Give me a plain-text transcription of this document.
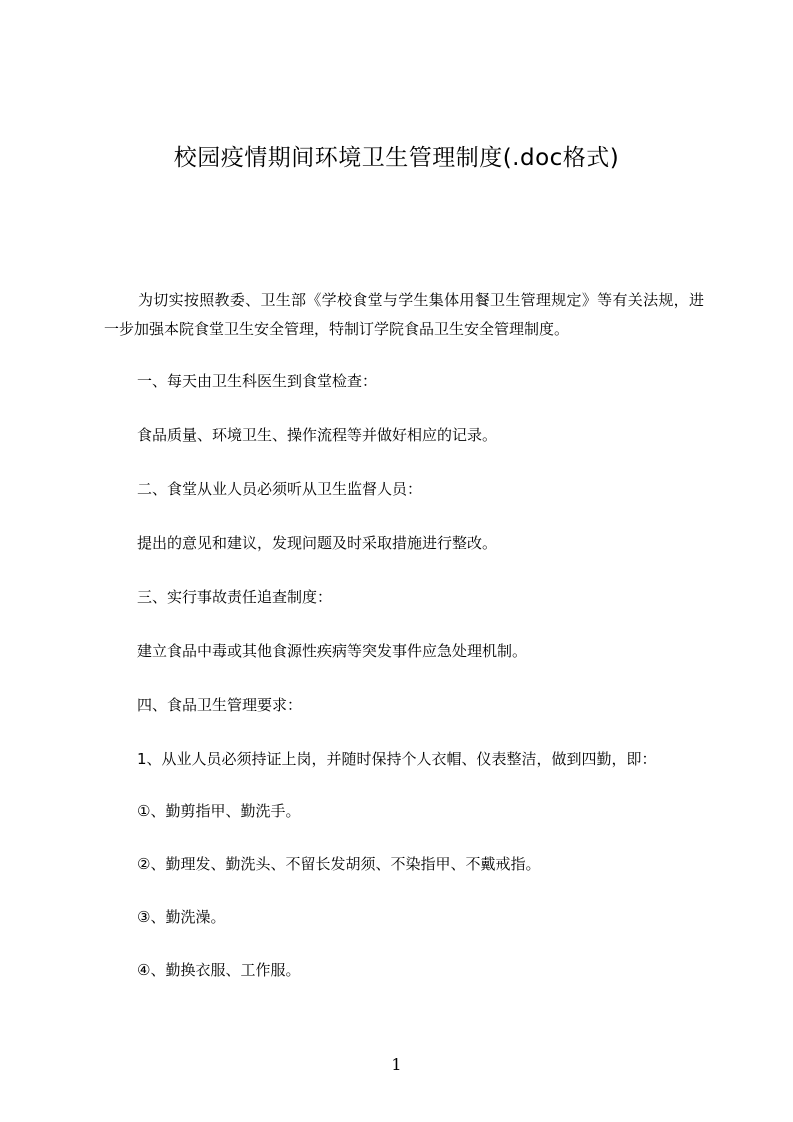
校园疫情期间环境卫生管理制度(.doc格式)
为切实按照教委、卫生部《学校食堂与学生集体用餐卫生管理规定》等有关法规，进一步加强本院食堂卫生安全管理，特制订学院食品卫生安全管理制度。
一、每天由卫生科医生到食堂检查：
食品质量、环境卫生、操作流程等并做好相应的记录。
二、食堂从业人员必须听从卫生监督人员：
提出的意见和建议，发现问题及时采取措施进行整改。
三、实行事故责任追查制度：
建立食品中毒或其他食源性疾病等突发事件应急处理机制。
四、食品卫生管理要求：
1、从业人员必须持证上岗，并随时保持个人衣帽、仪表整洁，做到四勤，即：
①、勤剪指甲、勤洗手。
②、勤理发、勤洗头、不留长发胡须、不染指甲、不戴戒指。
③、勤洗澡。
④、勤换衣服、工作服。
1
